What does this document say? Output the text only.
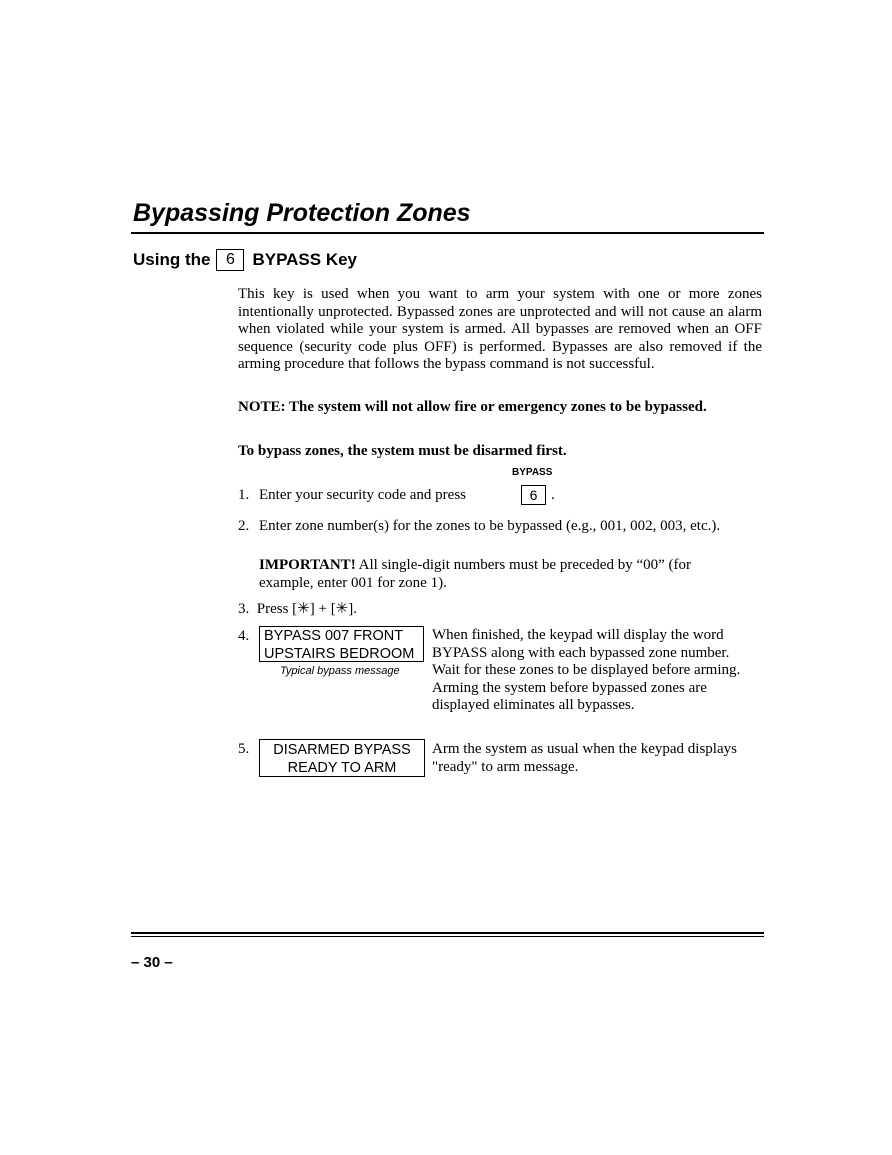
Bypassing Protection Zones
Using the 6	BYPASS Key
This key is used when you want to arm your system with one or more zones intentionally unprotected. Bypassed zones are unprotected and will not cause an alarm when violated while your system is armed. All bypasses are removed when an OFF sequence (security code plus OFF) is performed. Bypasses are also removed if the arming procedure that follows the bypass command is not successful.
NOTE: The system will not allow fire or emergency zones to be bypassed.
To bypass zones, the system must be disarmed first.
BYPASS
1. Enter your security code and press	6 .
2. Enter zone number(s) for the zones to be bypassed (e.g., 001, 002, 003, etc.).
IMPORTANT! All single-digit numbers must be preceded by “00” (for example, enter 001 for zone 1).
3. Press [✳] + [✳].
4. BYPASS 007 FRONT
UPSTAIRS BEDROOM
Typical bypass message
When finished, the keypad will display the word BYPASS along with each bypassed zone number. Wait for these zones to be displayed before arming. Arming the system before bypassed zones are displayed eliminates all bypasses.
5.	DISARMED BYPASS
READY TO ARM
Arm the system as usual when the keypad displays "ready" to arm message.
– 30 –
